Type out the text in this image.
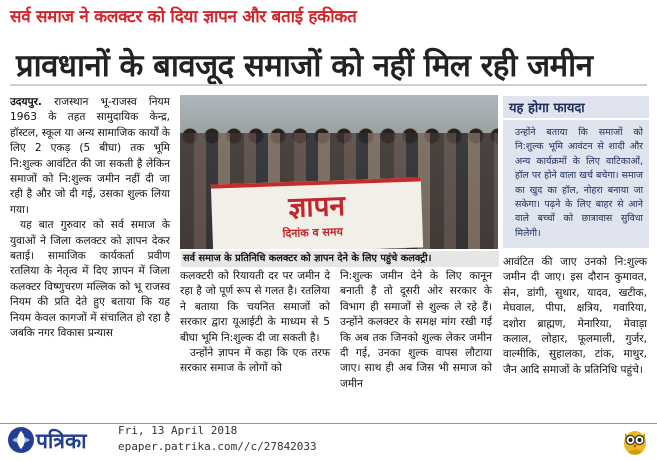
सर्व समाज ने कलक्टर को दिया ज्ञापन और बताई हकीकत
प्रावधानों के बावजूद समाजों को नहीं मिल रही जमीन

उदयपुर. राजस्थान भू-राजस्व नियम 1963 के तहत सामुदायिक केन्द्र, हॉस्टल, स्कूल या अन्य सामाजिक कार्यों के लिए 2 एकड़ (5 बीघा) तक भूमि नि:शुल्क आवंटित की जा सकती है लेकिन समाजों को नि:शुल्क जमीन नहीं दी जा रही है और जो दी गई, उसका शुल्क लिया गया।

यह बात गुरुवार को सर्व समाज के युवाओं ने जिला कलक्टर को ज्ञापन देकर बताई। सामाजिक कार्यकर्ता प्रवीण रतलिया के नेतृत्व में दिए ज्ञापन में जिला कलक्टर विष्णुचरण मल्लिक को भू राजस्व नियम की प्रति देते हुए बताया कि यह नियम केवल कागजों में संचालित हो रहा है जबकि नगर विकास प्रन्यास

ज्ञापन
दिनांक व समय
सर्व समाज के प्रतिनिधि कलक्टर को ज्ञापन देने के लिए पहुंचे कलक्ट्री।
यह होगा फायदा
उन्होंने बताया कि समाजों को नि:शुल्क भूमि आवंटन से शादी और अन्य कार्यक्रमों के लिए वाटिकाओं, हॉल पर होने वाला खर्च बचेगा। समाज का खुद का हॉल, नोहरा बनाया जा सकेगा। पढ़ने के लिए बाहर से आने वाले बच्चों को छात्रावास सुविधा मिलेगी।

कलक्टरी को रियायती दर पर जमीन दे रहा है जो पूर्ण रूप से गलत है। रतलिया ने बताया कि चयनित समाजों को सरकार द्वारा यूआईटी के माध्यम से 5 बीघा भूमि नि:शुल्क दी जा सकती है।

उन्होंने ज्ञापन में कहा कि एक तरफ सरकार समाज के लोगों को

नि:शुल्क जमीन देने के लिए कानून बनाती है तो दूसरी ओर सरकार के विभाग ही समाजों से शुल्क ले रहे हैं। उन्होंने कलक्टर के समक्ष मांग रखी गई कि अब तक जिनको शुल्क लेकर जमीन दी गई, उनका शुल्क वापस लौटाया जाए। साथ ही अब जिस भी समाज को जमीन

आवंटित की जाए उनको नि:शुल्क जमीन दी जाए। इस दौरान कुमावत, सेन, डांगी, सुथार, यादव, खटीक, मेघवाल, पीपा, क्षत्रिय, गवारिया, दशोरा ब्राह्मण, मेनारिया, मेवाड़ा कलाल, लोहार, फूलमाली, गुर्जर, वाल्मीकि, सुहालका, टांक, माथुर, जैन आदि समाजों के प्रतिनिधि पहुंचे।

पत्रिका	Fri, 13 April 2018
epaper.patrika.com//c/27842033
